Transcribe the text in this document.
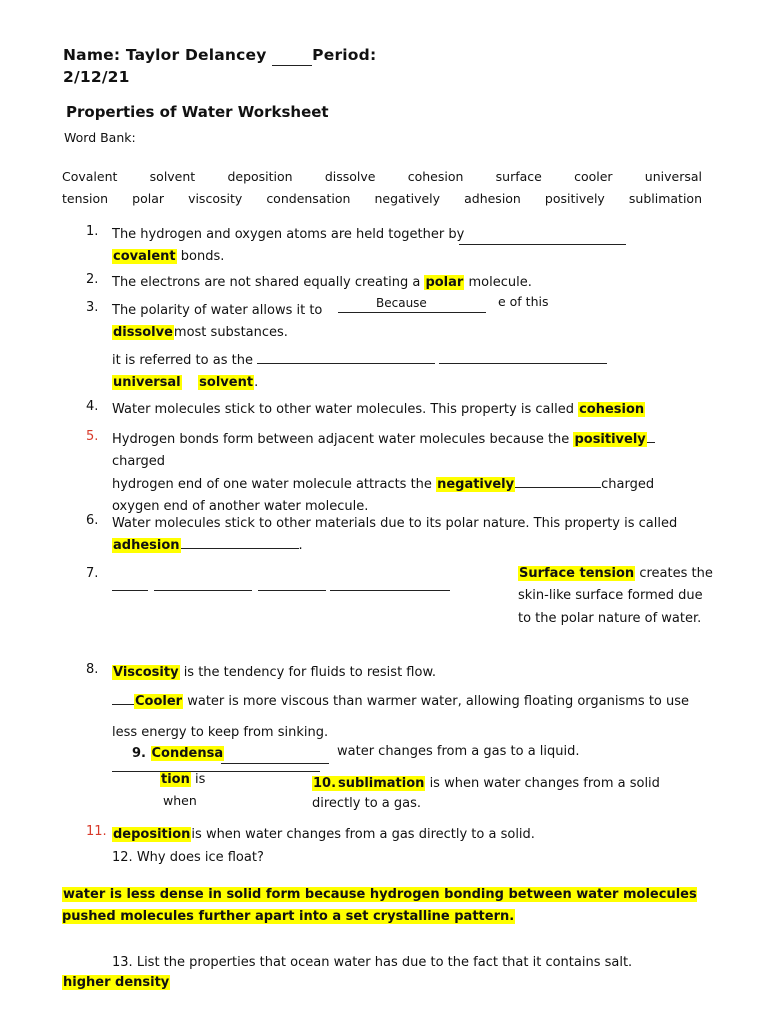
Name: Taylor Delancey	Period:
2/12/21
Properties of Water Worksheet
Word Bank:
Covalent	solvent	deposition	dissolve	cohesion	surface	cooler	universal
tension polar viscosity condensation negatively adhesion positively sublimation
1. The hydrogen and oxygen atoms are held together by
covalent bonds.
2. The electrons are not shared equally creating a polar molecule.
3. The polarity of water allows it to
dissolvemost substances.
Because	e of this
it is referred to as the
universal solvent.
4. Water molecules stick to other water molecules. This property is called cohesion
5. Hydrogen bonds form between adjacent water molecules because the positively charged
hydrogen end of one water molecule attracts the negatively	charged
oxygen end of another water molecule.
6. Water molecules stick to other materials due to its polar nature. This property is called
adhesion	.
7.	Surface tension creates the skin-like surface formed due to the polar nature of water.
8. Viscosity is the tendency for fluids to resist flow.
Cooler water is more viscous than warmer water, allowing floating organisms to use
less energy to keep from sinking.
9. Condensa
tion is
when
water changes from a gas to a liquid.
10. sublimation is when water changes from a solid directly to a gas.
11. depositionis when water changes from a gas directly to a solid.
12. Why does ice float?
water is less dense in solid form because hydrogen bonding between water molecules pushed molecules further apart into a set crystalline pattern.
13. List the properties that ocean water has due to the fact that it contains salt.
higher density
